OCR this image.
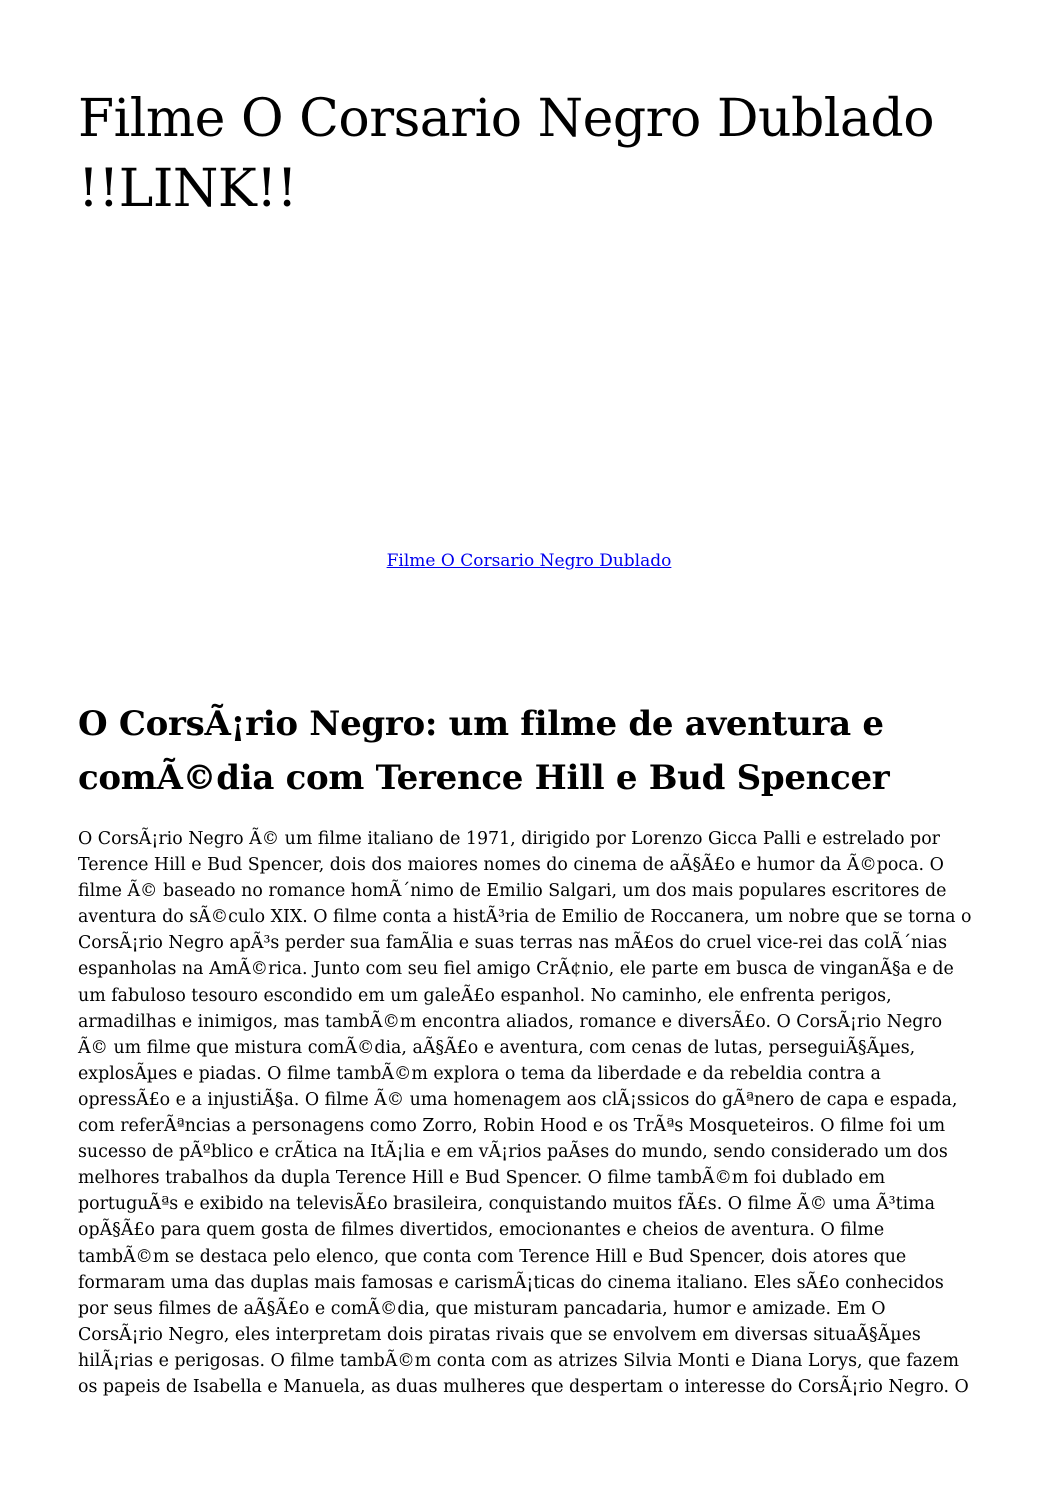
Filme O Corsario Negro Dublado !!LINK!!
Filme O Corsario Negro Dublado
O CorsÃ¡rio Negro: um filme de aventura e comÃ©dia com Terence Hill e Bud Spencer
O CorsÃ¡rio Negro Ã© um filme italiano de 1971, dirigido por Lorenzo Gicca Palli e estrelado por
Terence Hill e Bud Spencer, dois dos maiores nomes do cinema de aÃ§Ã£o e humor da Ã©poca. O
filme Ã© baseado no romance homÃ´nimo de Emilio Salgari, um dos mais populares escritores de
aventura do sÃ©culo XIX. O filme conta a histÃ³ria de Emilio de Roccanera, um nobre que se torna o
CorsÃ¡rio Negro apÃ³s perder sua famÃlia e suas terras nas mÃ£os do cruel vice-rei das colÃ´nias
espanholas na AmÃ©rica. Junto com seu fiel amigo CrÃ¢nio, ele parte em busca de vinganÃ§a e de
um fabuloso tesouro escondido em um galeÃ£o espanhol. No caminho, ele enfrenta perigos,
armadilhas e inimigos, mas tambÃ©m encontra aliados, romance e diversÃ£o. O CorsÃ¡rio Negro
Ã© um filme que mistura comÃ©dia, aÃ§Ã£o e aventura, com cenas de lutas, perseguiÃ§Ãµes,
explosÃµes e piadas. O filme tambÃ©m explora o tema da liberdade e da rebeldia contra a
opressÃ£o e a injustiÃ§a. O filme Ã© uma homenagem aos clÃ¡ssicos do gÃªnero de capa e espada,
com referÃªncias a personagens como Zorro, Robin Hood e os TrÃªs Mosqueteiros. O filme foi um
sucesso de pÃºblico e crÃtica na ItÃ¡lia e em vÃ¡rios paÃses do mundo, sendo considerado um dos
melhores trabalhos da dupla Terence Hill e Bud Spencer. O filme tambÃ©m foi dublado em
portuguÃªs e exibido na televisÃ£o brasileira, conquistando muitos fÃ£s. O filme Ã© uma Ã³tima
opÃ§Ã£o para quem gosta de filmes divertidos, emocionantes e cheios de aventura. O filme
tambÃ©m se destaca pelo elenco, que conta com Terence Hill e Bud Spencer, dois atores que
formaram uma das duplas mais famosas e carismÃ¡ticas do cinema italiano. Eles sÃ£o conhecidos
por seus filmes de aÃ§Ã£o e comÃ©dia, que misturam pancadaria, humor e amizade. Em O
CorsÃ¡rio Negro, eles interpretam dois piratas rivais que se envolvem em diversas situaÃ§Ãµes
hilÃ¡rias e perigosas. O filme tambÃ©m conta com as atrizes Silvia Monti e Diana Lorys, que fazem
os papeis de Isabella e Manuela, as duas mulheres que despertam o interesse do CorsÃ¡rio Negro. O
